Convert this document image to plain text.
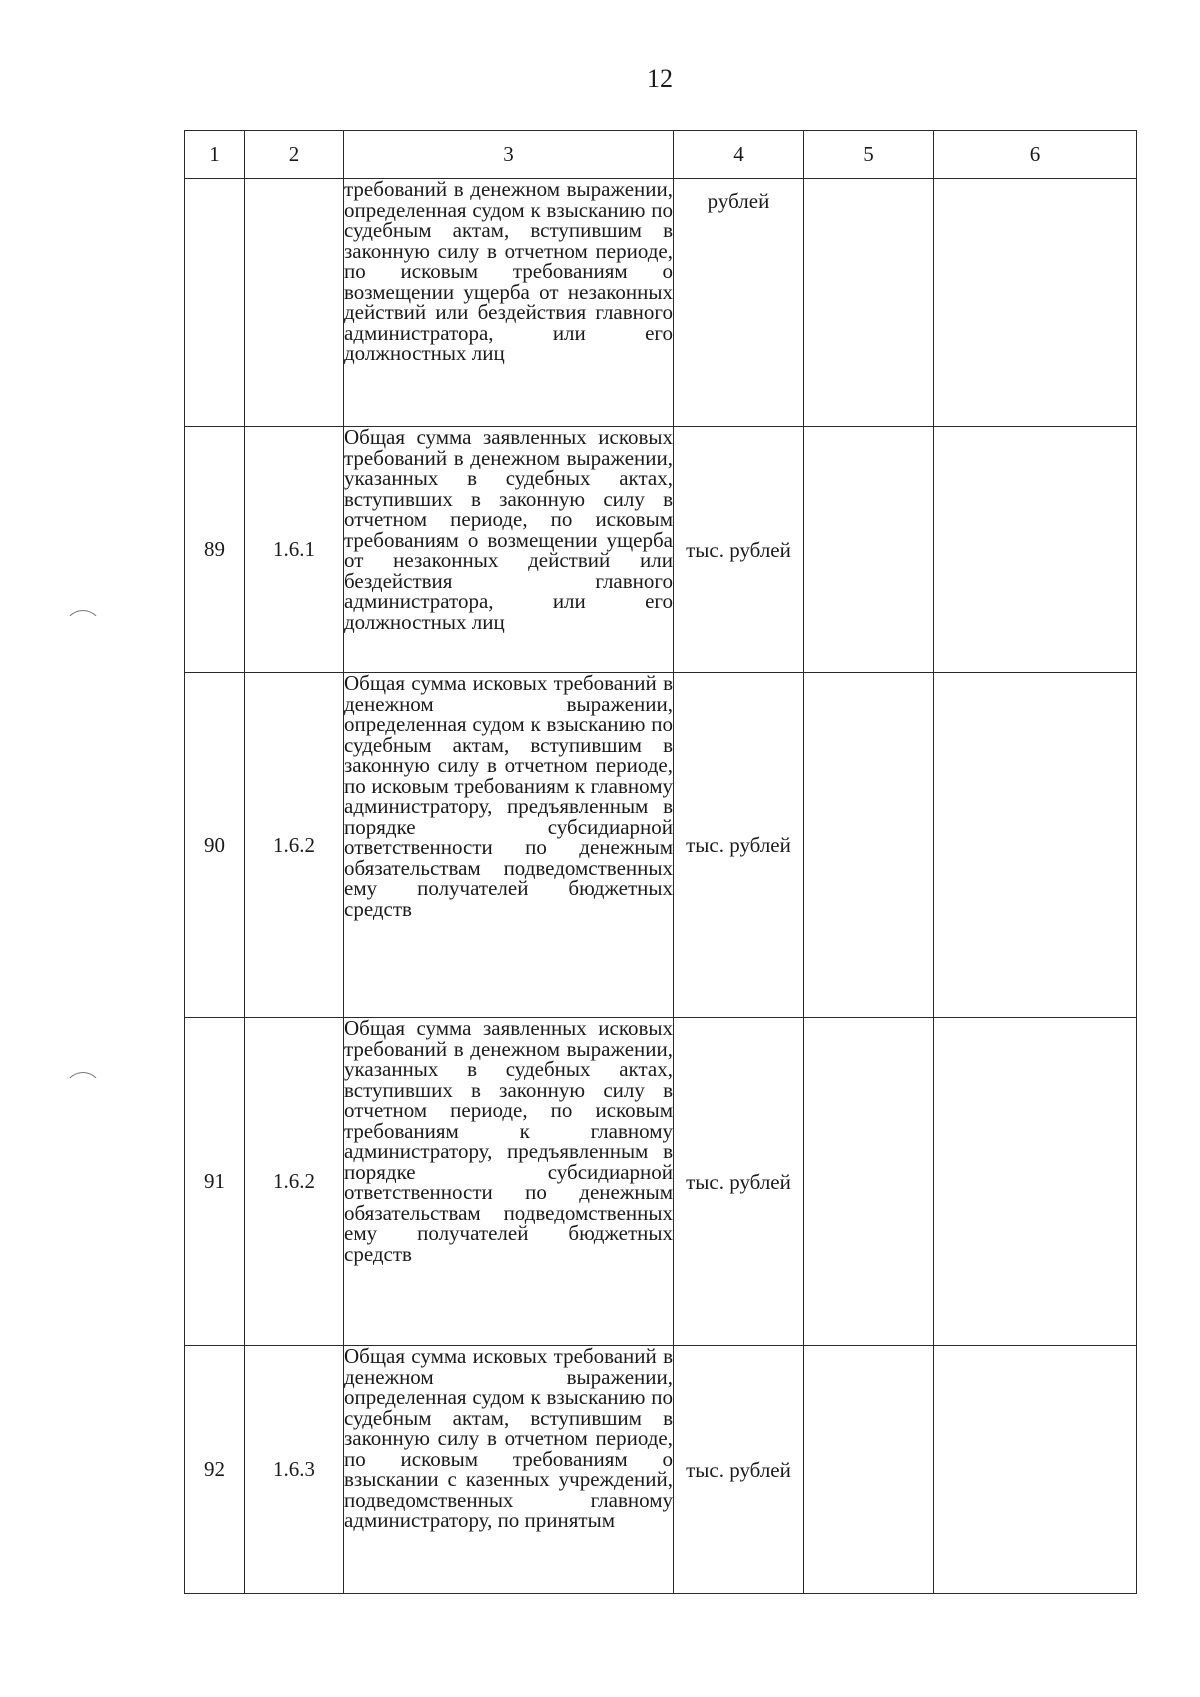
12
1	2	3	4	5	6
		требований в денежном выражении, определенная судом к взысканию по судебным актам, вступившим в законную силу в отчетном периоде, по исковым требованиям о возмещении ущерба от незаконных действий или бездействия главного администратора, или его должностных лиц	рублей		
89	1.6.1	Общая сумма заявленных исковых требований в денежном выражении, указанных в судебных актах, вступивших в законную силу в отчетном периоде, по исковым требованиям о возмещении ущерба от незаконных действий или бездействия главного администратора, или его должностных лиц	тыс. рублей		
90	1.6.2	Общая сумма исковых требований в денежном выражении, определенная судом к взысканию по судебным актам, вступившим в законную силу в отчетном периоде, по исковым требованиям к главному администратору, предъявленным в порядке субсидиарной ответственности по денежным обязательствам подведомственных ему получателей бюджетных средств	тыс. рублей		
91	1.6.2	Общая сумма заявленных исковых требований в денежном выражении, указанных в судебных актах, вступивших в законную силу в отчетном периоде, по исковым требованиям к главному администратору, предъявленным в порядке субсидиарной ответственности по денежным обязательствам подведомственных ему получателей бюджетных средств	тыс. рублей		
92	1.6.3	Общая сумма исковых требований в денежном выражении, определенная судом к взысканию по судебным актам, вступившим в законную силу в отчетном периоде, по исковым требованиям о взыскании с казенных учреждений, подведомственных главному администратору, по принятым	тыс. рублей		
